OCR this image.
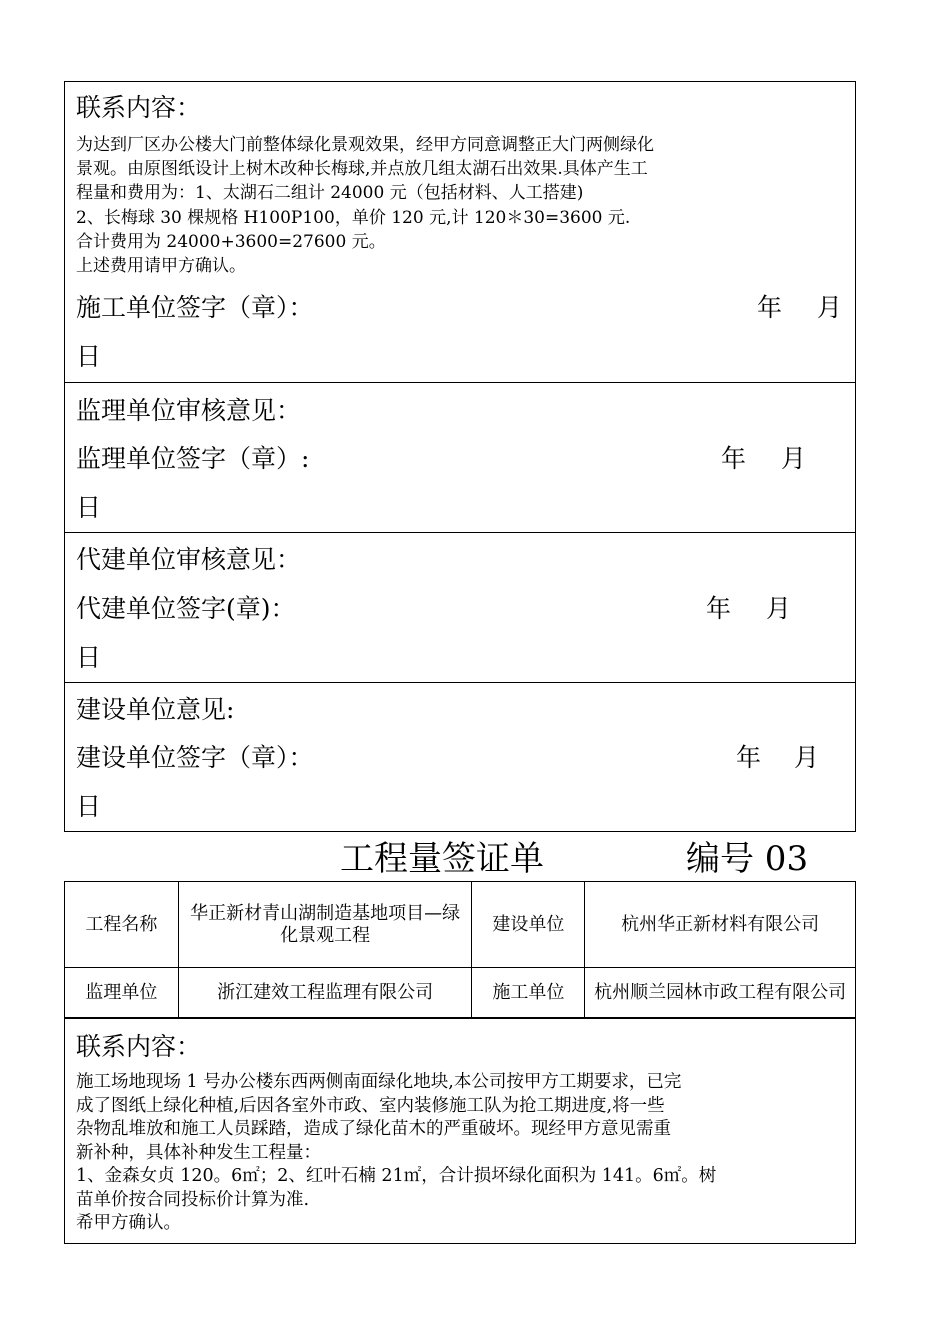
联系内容：
为达到厂区办公楼大门前整体绿化景观效果，经甲方同意调整正大门两侧绿化
景观。由原图纸设计上树木改种长梅球,并点放几组太湖石出效果.具体产生工
程量和费用为：1、太湖石二组计 24000 元（包括材料、人工搭建)
2、长梅球 30 棵规格 H100P100，单价 120 元,计 120＊30=3600 元.
合计费用为 24000+3600=27600 元。
上述费用请甲方确认。
施工单位签字（章）：	年 月
日
监理单位审核意见：
监理单位签字（章）:	年 月
日
代建单位审核意见：
代建单位签字(章)：	年 月
日
建设单位意见:
建设单位签字（章）：	年 月
日
工程量签证单	编号 03
工程名称	华正新材青山湖制造基地项目—绿化景观工程	建设单位	杭州华正新材料有限公司
监理单位	浙江建效工程监理有限公司	施工单位	杭州顺兰园林市政工程有限公司
联系内容：
施工场地现场 1 号办公楼东西两侧南面绿化地块,本公司按甲方工期要求，已完
成了图纸上绿化种植,后因各室外市政、室内装修施工队为抢工期进度,将一些
杂物乱堆放和施工人员踩踏，造成了绿化苗木的严重破坏。现经甲方意见需重
新补种，具体补种发生工程量：
1、金森女贞 120。6㎡；2、红叶石楠 21㎡，合计损坏绿化面积为 141。6㎡。树
苗单价按合同投标价计算为准.
希甲方确认。
